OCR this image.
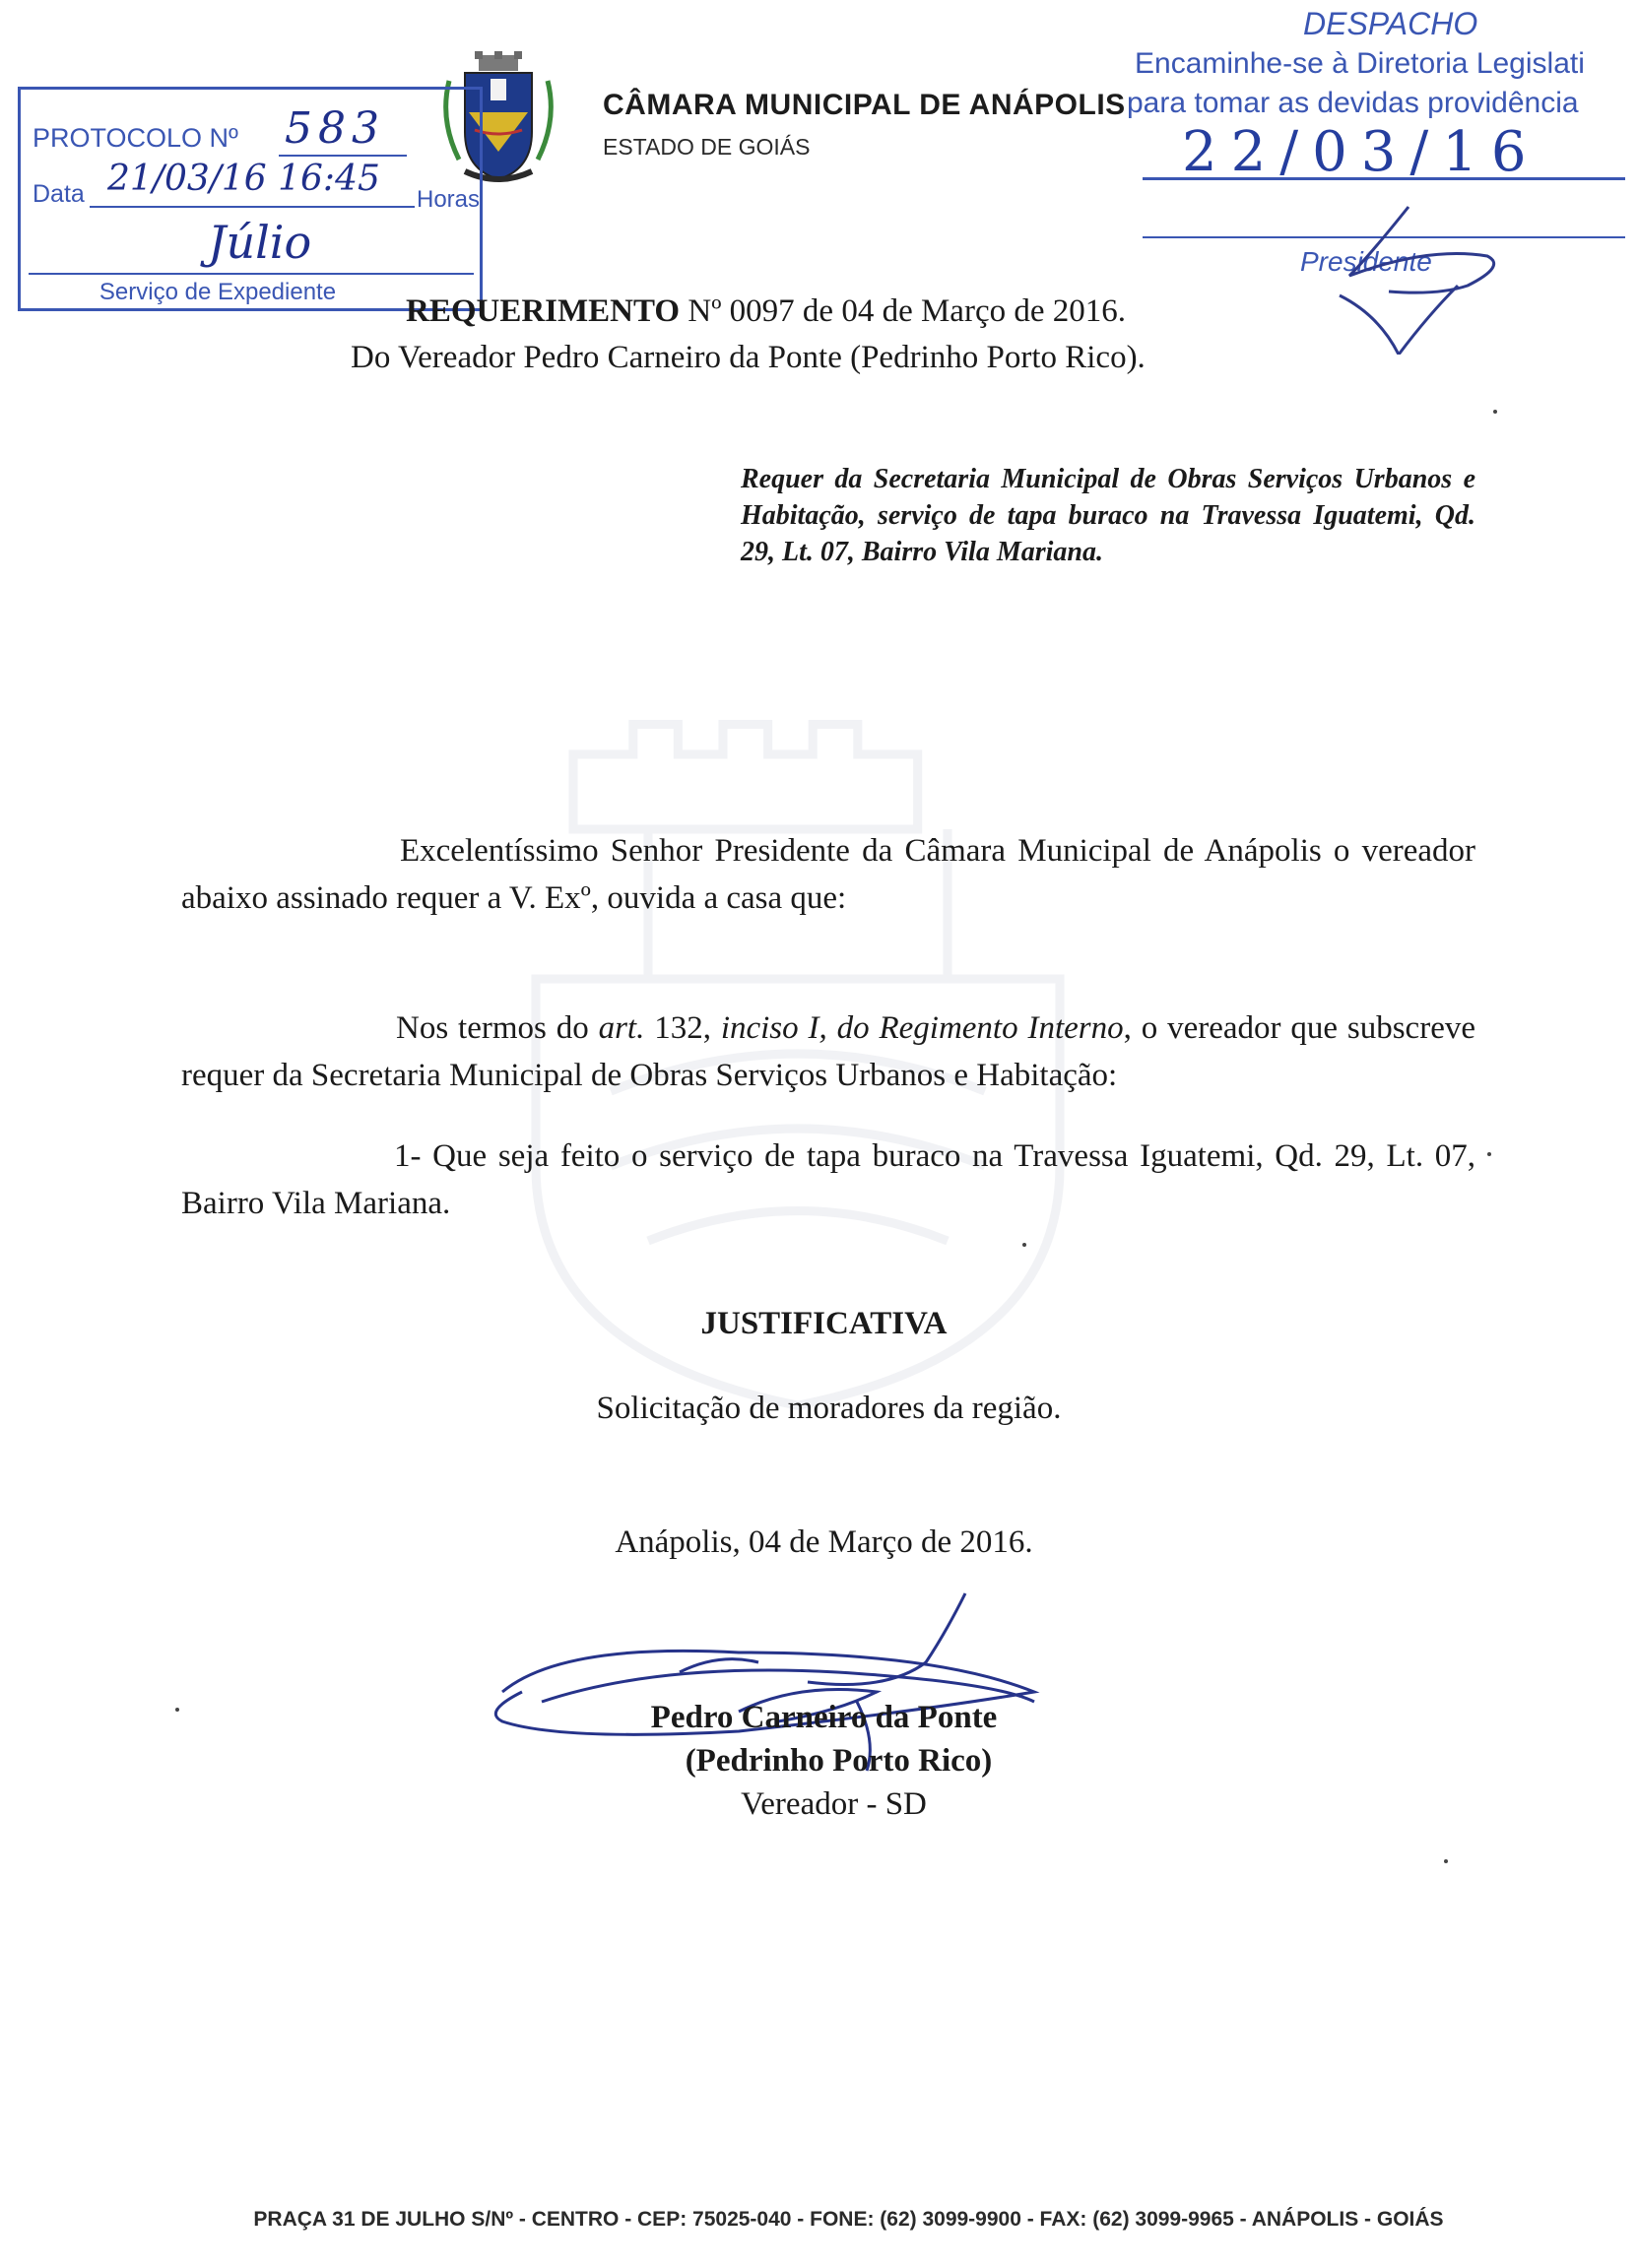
CÂMARA MUNICIPAL DE ANÁPOLIS
ESTADO DE GOIÁS
PROTOCOLO Nº 583
Data 21/03/16 16:45
Horas
Júlio
Serviço de Expediente
DESPACHO
Encaminhe-se à Diretoria Legislati
para tomar as devidas providência
22/03/16
Presidente
REQUERIMENTO Nº 0097 de 04 de Março de 2016.
Do Vereador Pedro Carneiro da Ponte (Pedrinho Porto Rico).
Requer da Secretaria Municipal de Obras Serviços Urbanos e Habitação, serviço de tapa buraco na Travessa Iguatemi, Qd. 29, Lt. 07, Bairro Vila Mariana.
Excelentíssimo Senhor Presidente da Câmara Municipal de Anápolis o vereador abaixo assinado requer a V. Exº, ouvida a casa que:
Nos termos do art. 132, inciso I, do Regimento Interno, o vereador que subscreve requer da Secretaria Municipal de Obras Serviços Urbanos e Habitação:
1- Que seja feito o serviço de tapa buraco na Travessa Iguatemi, Qd. 29, Lt. 07, Bairro Vila Mariana.
JUSTIFICATIVA
Solicitação de moradores da região.
Anápolis, 04 de Março de 2016.
Pedro Carneiro da Ponte
(Pedrinho Porto Rico)
Vereador - SD
PRAÇA 31 DE JULHO S/Nº - CENTRO - CEP: 75025-040 - FONE: (62) 3099-9900 - FAX: (62) 3099-9965 - ANÁPOLIS - GOIÁS
